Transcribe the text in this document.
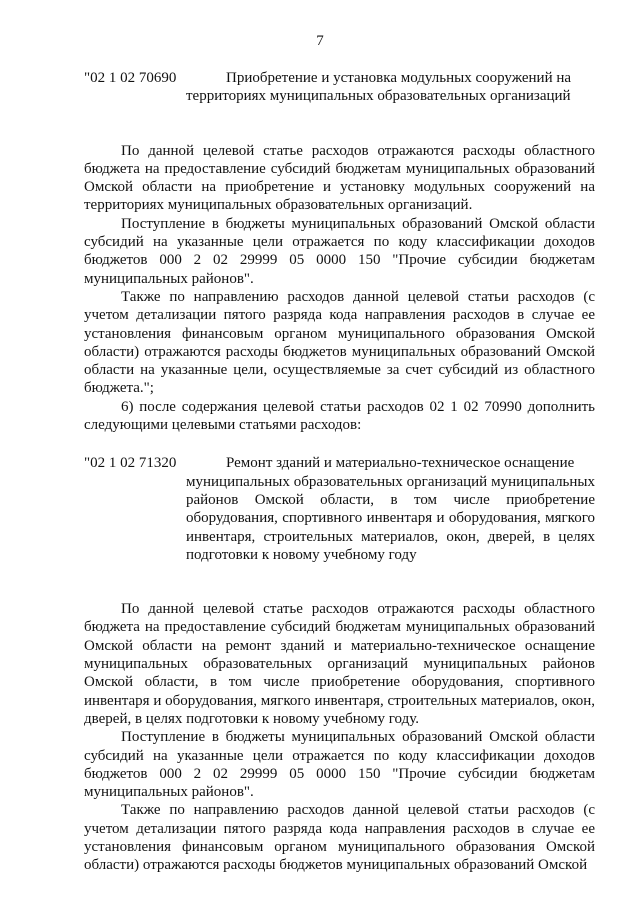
7
"02 1 02 70690	Приобретение и установка модульных сооружений на
территориях муниципальных образовательных организаций

По данной целевой статье расходов отражаются расходы областного бюджета на предоставление субсидий бюджетам муниципальных образований Омской области на приобретение и установку модульных сооружений на территориях муниципальных образовательных организаций.

Поступление в бюджеты муниципальных образований Омской области субсидий на указанные цели отражается по коду классификации доходов бюджетов 000 2 02 29999 05 0000 150 "Прочие субсидии бюджетам муниципальных районов".

Также по направлению расходов данной целевой статьи расходов (с учетом детализации пятого разряда кода направления расходов в случае ее установления финансовым органом муниципального образования Омской области) отражаются расходы бюджетов муниципальных образований Омской области на указанные цели, осуществляемые за счет субсидий из областного бюджета.";

6) после содержания целевой статьи расходов 02 1 02 70990 дополнить следующими целевыми статьями расходов:

"02 1 02 71320	Ремонт зданий и материально-техническое оснащение
муниципальных образовательных организаций муниципальных районов Омской области, в том числе приобретение оборудования, спортивного инвентаря и оборудования, мягкого инвентаря, строительных материалов, окон, дверей, в целях подготовки к новому учебному году

По данной целевой статье расходов отражаются расходы областного бюджета на предоставление субсидий бюджетам муниципальных образований Омской области на ремонт зданий и материально-техническое оснащение муниципальных образовательных организаций муниципальных районов Омской области, в том числе приобретение оборудования, спортивного инвентаря и оборудования, мягкого инвентаря, строительных материалов, окон, дверей, в целях подготовки к новому учебному году.

Поступление в бюджеты муниципальных образований Омской области субсидий на указанные цели отражается по коду классификации доходов бюджетов 000 2 02 29999 05 0000 150 "Прочие субсидии бюджетам муниципальных районов".

Также по направлению расходов данной целевой статьи расходов (с учетом детализации пятого разряда кода направления расходов в случае ее установления финансовым органом муниципального образования Омской области) отражаются расходы бюджетов муниципальных образований Омской
